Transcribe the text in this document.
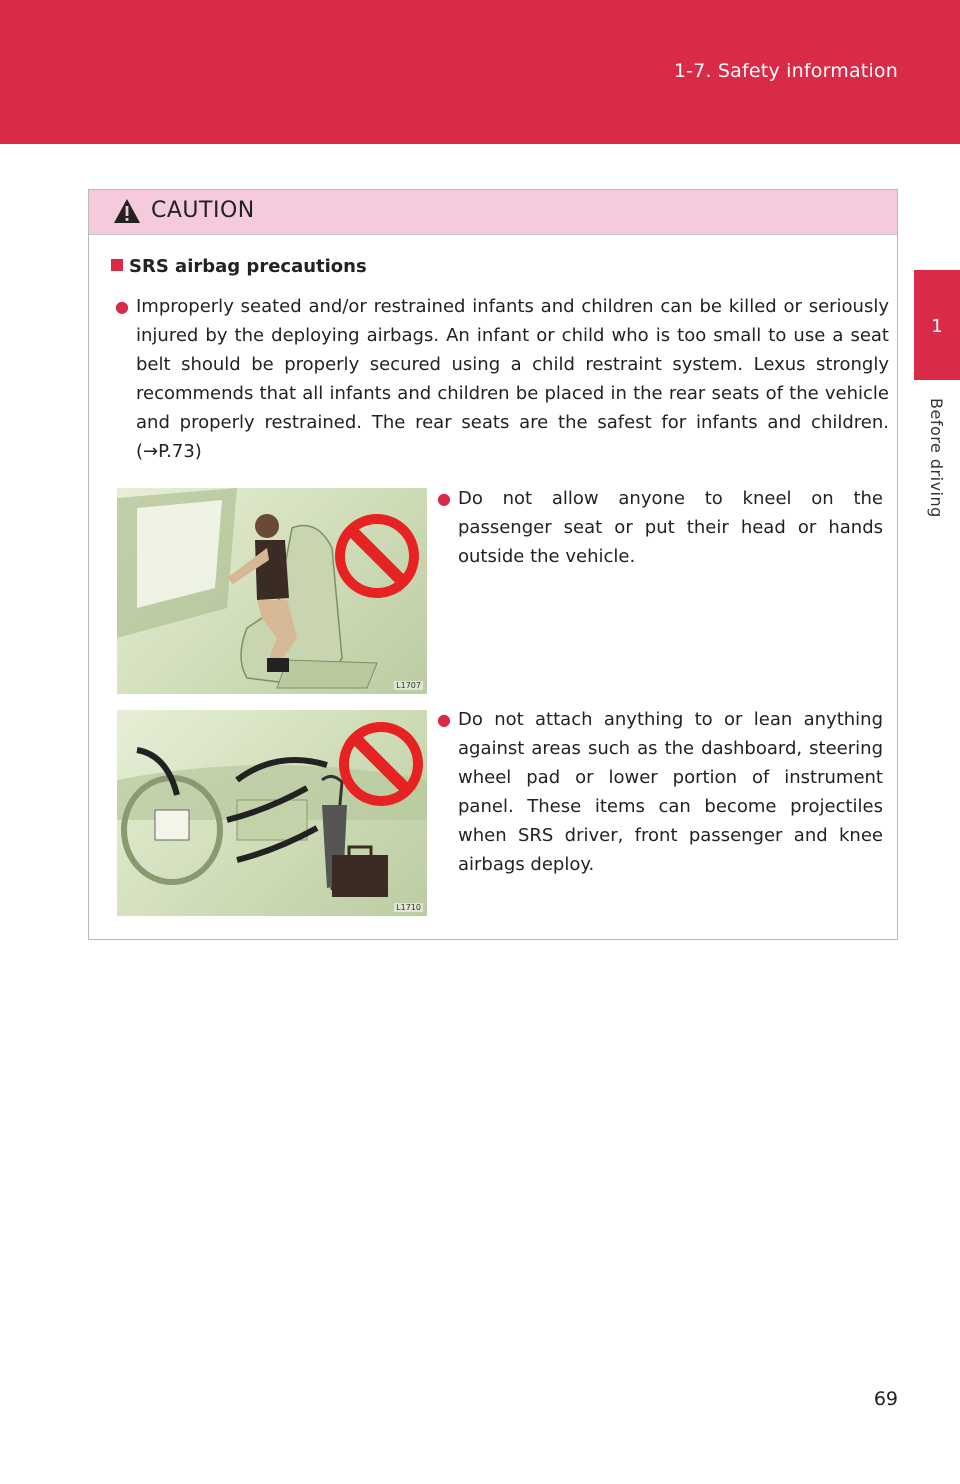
1-7. Safety information
1
Before driving
CAUTION
SRS airbag precautions
● Improperly seated and/or restrained infants and children can be killed or seriously injured by the deploying airbags. An infant or child who is too small to use a seat belt should be properly secured using a child restraint system. Lexus strongly recommends that all infants and children be placed in the rear seats of the vehicle and properly restrained. The rear seats are the safest for infants and children. (→P.73)
L1707
● Do not allow anyone to kneel on the passenger seat or put their head or hands outside the vehicle.
L1710
● Do not attach anything to or lean anything against areas such as the dashboard, steering wheel pad or lower portion of instrument panel. These items can become projectiles when SRS driver, front passenger and knee airbags deploy.
69
